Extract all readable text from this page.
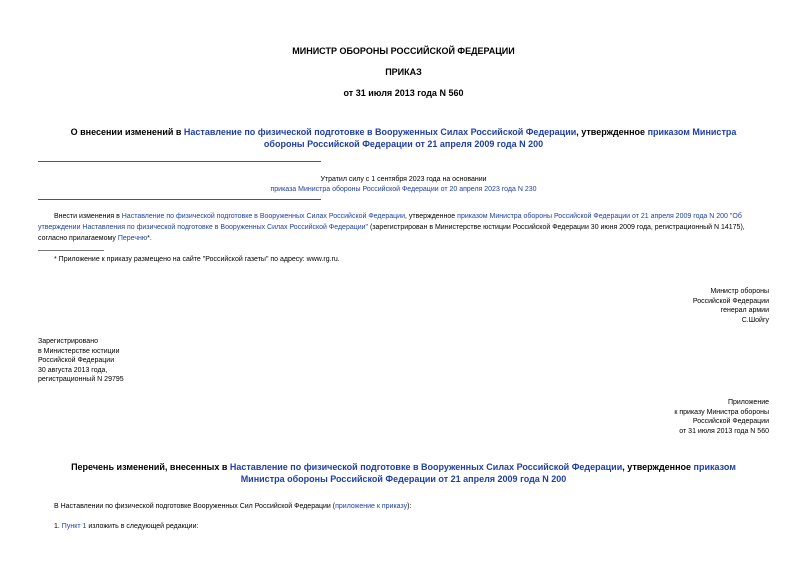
МИНИСТР ОБОРОНЫ РОССИЙСКОЙ ФЕДЕРАЦИИ
ПРИКАЗ
от 31 июля 2013 года N 560
О внесении изменений в Наставление по физической подготовке в Вооруженных Силах Российской Федерации, утвержденное приказом Министра обороны Российской Федерации от 21 апреля 2009 года N 200
Утратил силу с 1 сентября 2023 года на основании
приказа Министра обороны Российской Федерации от 20 апреля 2023 года N 230
Внести изменения в Наставление по физической подготовке в Вооруженных Силах Российской Федерации, утвержденное приказом Министра обороны Российской Федерации от 21 апреля 2009 года N 200 "Об утверждении Наставления по физической подготовке в Вооруженных Силах Российской Федерации" (зарегистрирован в Министерстве юстиции Российской Федерации 30 июня 2009 года, регистрационный N 14175), согласно прилагаемому Перечню*.
* Приложение к приказу размещено на сайте "Российской газеты" по адресу: www.rg.ru.
Министр обороны
Российской Федерации
генерал армии
С.Шойгу
Зарегистрировано
в Министерстве юстиции
Российской Федерации
30 августа 2013 года,
регистрационный N 29795
Приложение
к приказу Министра обороны
Российской Федерации
от 31 июля 2013 года N 560
Перечень изменений, внесенных в Наставление по физической подготовке в Вооруженных Силах Российской Федерации, утвержденное приказом Министра обороны Российской Федерации от 21 апреля 2009 года N 200
В Наставлении по физической подготовке Вооруженных Сил Российской Федерации (приложение к приказу):
1. Пункт 1 изложить в следующей редакции:
